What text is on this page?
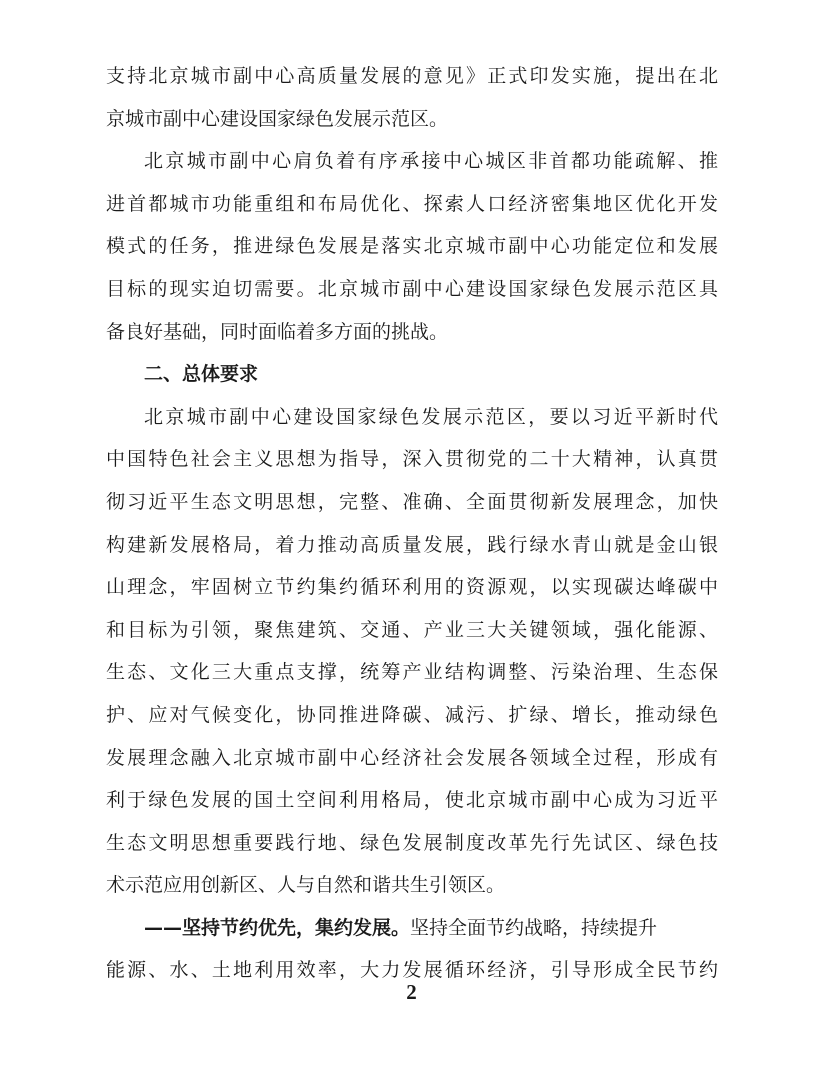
支持北京城市副中心高质量发展的意见》正式印发实施，提出在北
京城市副中心建设国家绿色发展示范区。
北京城市副中心肩负着有序承接中心城区非首都功能疏解、推
进首都城市功能重组和布局优化、探索人口经济密集地区优化开发
模式的任务，推进绿色发展是落实北京城市副中心功能定位和发展
目标的现实迫切需要。北京城市副中心建设国家绿色发展示范区具
备良好基础，同时面临着多方面的挑战。
二、总体要求
北京城市副中心建设国家绿色发展示范区，要以习近平新时代
中国特色社会主义思想为指导，深入贯彻党的二十大精神，认真贯
彻习近平生态文明思想，完整、准确、全面贯彻新发展理念，加快
构建新发展格局，着力推动高质量发展，践行绿水青山就是金山银
山理念，牢固树立节约集约循环利用的资源观，以实现碳达峰碳中
和目标为引领，聚焦建筑、交通、产业三大关键领域，强化能源、
生态、文化三大重点支撑，统筹产业结构调整、污染治理、生态保
护、应对气候变化，协同推进降碳、减污、扩绿、增长，推动绿色
发展理念融入北京城市副中心经济社会发展各领域全过程，形成有
利于绿色发展的国土空间利用格局，使北京城市副中心成为习近平
生态文明思想重要践行地、绿色发展制度改革先行先试区、绿色技
术示范应用创新区、人与自然和谐共生引领区。
——坚持节约优先，集约发展。坚持全面节约战略，持续提升
能源、水、土地利用效率，大力发展循环经济，引导形成全民节约
2
